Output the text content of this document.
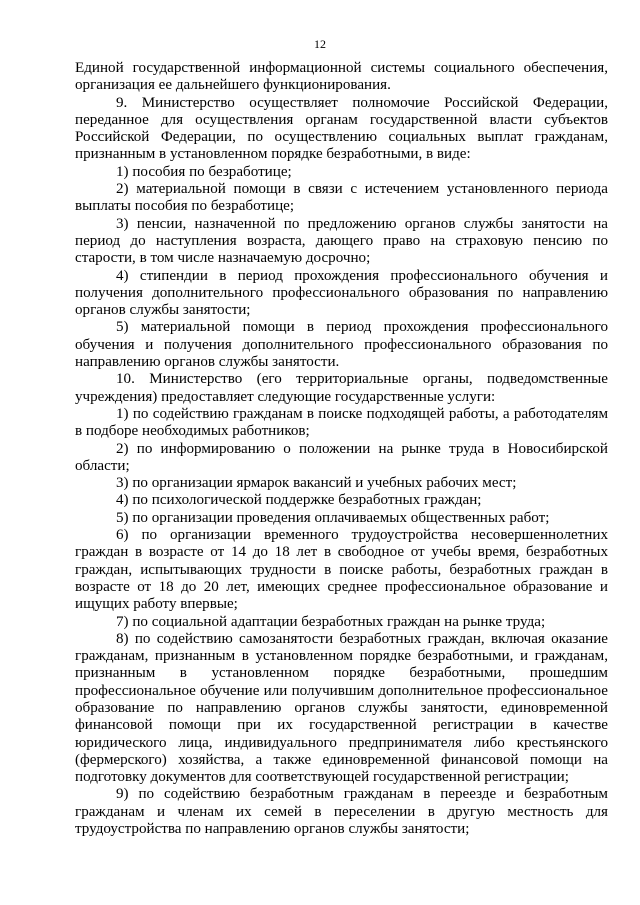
12

Единой государственной информационной системы социального обеспечения, организация ее дальнейшего функционирования.

9. Министерство осуществляет полномочие Российской Федерации, переданное для осуществления органам государственной власти субъектов Российской Федерации, по осуществлению социальных выплат гражданам, признанным в установленном порядке безработными, в виде:

1) пособия по безработице;

2) материальной помощи в связи с истечением установленного периода выплаты пособия по безработице;

3) пенсии, назначенной по предложению органов службы занятости на период до наступления возраста, дающего право на страховую пенсию по старости, в том числе назначаемую досрочно;

4) стипендии в период прохождения профессионального обучения и получения дополнительного профессионального образования по направлению органов службы занятости;

5) материальной помощи в период прохождения профессионального обучения и получения дополнительного профессионального образования по направлению органов службы занятости.

10. Министерство (его территориальные органы, подведомственные учреждения) предоставляет следующие государственные услуги:

1) по содействию гражданам в поиске подходящей работы, а работодателям в подборе необходимых работников;

2) по информированию о положении на рынке труда в Новосибирской области;

3) по организации ярмарок вакансий и учебных рабочих мест;

4) по психологической поддержке безработных граждан;

5) по организации проведения оплачиваемых общественных работ;

6) по организации временного трудоустройства несовершеннолетних граждан в возрасте от 14 до 18 лет в свободное от учебы время, безработных граждан, испытывающих трудности в поиске работы, безработных граждан в возрасте от 18 до 20 лет, имеющих среднее профессиональное образование и ищущих работу впервые;

7) по социальной адаптации безработных граждан на рынке труда;

8) по содействию самозанятости безработных граждан, включая оказание гражданам, признанным в установленном порядке безработными, и гражданам, признанным в установленном порядке безработными, прошедшим профессиональное обучение или получившим дополнительное профессиональное образование по направлению органов службы занятости, единовременной финансовой помощи при их государственной регистрации в качестве юридического лица, индивидуального предпринимателя либо крестьянского (фермерского) хозяйства, а также единовременной финансовой помощи на подготовку документов для соответствующей государственной регистрации;

9) по содействию безработным гражданам в переезде и безработным гражданам и членам их семей в переселении в другую местность для трудоустройства по направлению органов службы занятости;
